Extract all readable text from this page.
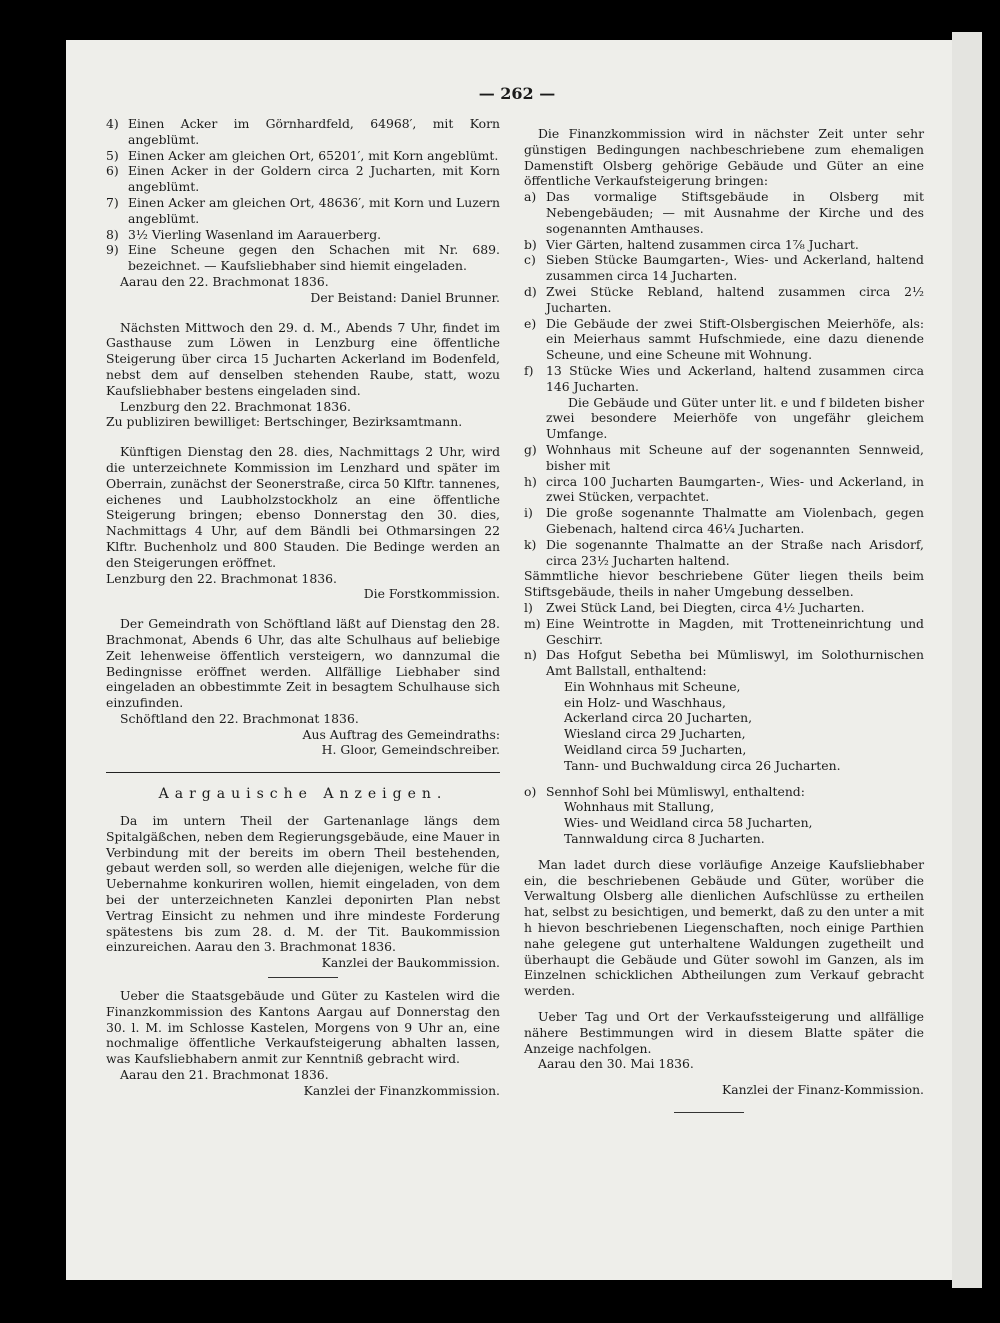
— 262 —
4) Einen Acker im Görnhardfeld, 64968′, mit Korn angeblümt.
5) Einen Acker am gleichen Ort, 65201′, mit Korn angeblümt.
6) Einen Acker in der Goldern circa 2 Jucharten, mit Korn angeblümt.
7) Einen Acker am gleichen Ort, 48636′, mit Korn und Luzern angeblümt.
8) 3½ Vierling Wasenland im Aarauerberg.
9) Eine Scheune gegen den Schachen mit Nr. 689. bezeichnet. — Kaufsliebhaber sind hiemit eingeladen.

Aarau den 22. Brachmonat 1836.

Der Beistand: Daniel Brunner.

Nächsten Mittwoch den 29. d. M., Abends 7 Uhr, findet im Gasthause zum Löwen in Lenzburg eine öffentliche Steigerung über circa 15 Jucharten Ackerland im Bodenfeld, nebst dem auf denselben stehenden Raube, statt, wozu Kaufsliebhaber bestens eingeladen sind.

Lenzburg den 22. Brachmonat 1836.

Zu publiziren bewilliget: Bertschinger, Bezirksamtmann.

Künftigen Dienstag den 28. dies, Nachmittags 2 Uhr, wird die unterzeichnete Kommission im Lenzhard und später im Oberrain, zunächst der Seonerstraße, circa 50 Klftr. tannenes, eichenes und Laubholzstockholz an eine öffentliche Steigerung bringen; ebenso Donnerstag den 30. dies, Nachmittags 4 Uhr, auf dem Bändli bei Othmarsingen 22 Klftr. Buchenholz und 800 Stauden. Die Bedinge werden an den Steigerungen eröffnet.

Lenzburg den 22. Brachmonat 1836.

Die Forstkommission.

Der Gemeindrath von Schöftland läßt auf Dienstag den 28. Brachmonat, Abends 6 Uhr, das alte Schulhaus auf beliebige Zeit lehenweise öffentlich versteigern, wo dannzumal die Bedingnisse eröffnet werden. Allfällige Liebhaber sind eingeladen an obbestimmte Zeit in besagtem Schulhause sich einzufinden.

Schöftland den 22. Brachmonat 1836.

Aus Auftrag des Gemeindraths:

H. Gloor, Gemeindschreiber.

Aargauische Anzeigen.

Da im untern Theil der Gartenanlage längs dem Spitalgäßchen, neben dem Regierungsgebäude, eine Mauer in Verbindung mit der bereits im obern Theil bestehenden, gebaut werden soll, so werden alle diejenigen, welche für die Uebernahme konkuriren wollen, hiemit eingeladen, von dem bei der unterzeichneten Kanzlei deponirten Plan nebst Vertrag Einsicht zu nehmen und ihre mindeste Forderung spätestens bis zum 28. d. M. der Tit. Baukommission einzureichen. Aarau den 3. Brachmonat 1836.

Kanzlei der Baukommission.

Ueber die Staatsgebäude und Güter zu Kastelen wird die Finanzkommission des Kantons Aargau auf Donnerstag den 30. l. M. im Schlosse Kastelen, Morgens von 9 Uhr an, eine nochmalige öffentliche Verkaufsteigerung abhalten lassen, was Kaufsliebhabern anmit zur Kenntniß gebracht wird.

Aarau den 21. Brachmonat 1836.

Kanzlei der Finanzkommission.

Die Finanzkommission wird in nächster Zeit unter sehr günstigen Bedingungen nachbeschriebene zum ehemaligen Damenstift Olsberg gehörige Gebäude und Güter an eine öffentliche Verkaufsteigerung bringen:

a) Das vormalige Stiftsgebäude in Olsberg mit Nebengebäuden; — mit Ausnahme der Kirche und des sogenannten Amthauses.
b) Vier Gärten, haltend zusammen circa 1⅞ Juchart.
c) Sieben Stücke Baumgarten-, Wies- und Ackerland, haltend zusammen circa 14 Jucharten.
d) Zwei Stücke Rebland, haltend zusammen circa 2½ Jucharten.
e) Die Gebäude der zwei Stift-Olsbergischen Meierhöfe, als: ein Meierhaus sammt Hufschmiede, eine dazu dienende Scheune, und eine Scheune mit Wohnung.
f)	13 Stücke Wies und Ackerland, haltend zusammen circa 146 Jucharten.

Die Gebäude und Güter unter lit. e und f bildeten bisher zwei besondere Meierhöfe von ungefähr gleichem Umfange.

g) Wohnhaus mit Scheune auf der sogenannten Sennweid, bisher mit
h) circa 100 Jucharten Baumgarten-, Wies- und Ackerland, in zwei Stücken, verpachtet.
i)	Die große sogenannte Thalmatte am Violenbach, gegen Giebenach, haltend circa 46¼ Jucharten.
k) Die sogenannte Thalmatte an der Straße nach Arisdorf, circa 23½ Jucharten haltend.

Sämmtliche hievor beschriebene Güter liegen theils beim Stiftsgebäude, theils in naher Umgebung desselben.

l)	Zwei Stück Land, bei Diegten, circa 4½ Jucharten.
m) Eine Weintrotte in Magden, mit Trotteneinrichtung und Geschirr.
n) Das Hofgut Sebetha bei Mümliswyl, im Solothurnischen Amt Ballstall, enthaltend:
Ein Wohnhaus mit Scheune,
ein Holz- und Waschhaus,
Ackerland circa 20 Jucharten,
Wiesland circa 29 Jucharten,
Weidland circa 59 Jucharten,
Tann- und Buchwaldung circa 26 Jucharten.
o) Sennhof Sohl bei Mümliswyl, enthaltend:
Wohnhaus mit Stallung,
Wies- und Weidland circa 58 Jucharten,
Tannwaldung circa 8 Jucharten.

Man ladet durch diese vorläufige Anzeige Kaufsliebhaber ein, die beschriebenen Gebäude und Güter, worüber die Verwaltung Olsberg alle dienlichen Aufschlüsse zu ertheilen hat, selbst zu besichtigen, und bemerkt, daß zu den unter a mit h hievon beschriebenen Liegenschaften, noch einige Parthien nahe gelegene gut unterhaltene Waldungen zugetheilt und überhaupt die Gebäude und Güter sowohl im Ganzen, als im Einzelnen schicklichen Abtheilungen zum Verkauf gebracht werden.

Ueber Tag und Ort der Verkaufssteigerung und allfällige nähere Bestimmungen wird in diesem Blatte später die Anzeige nachfolgen.

Aarau den 30. Mai 1836.

Kanzlei der Finanz-Kommission.
